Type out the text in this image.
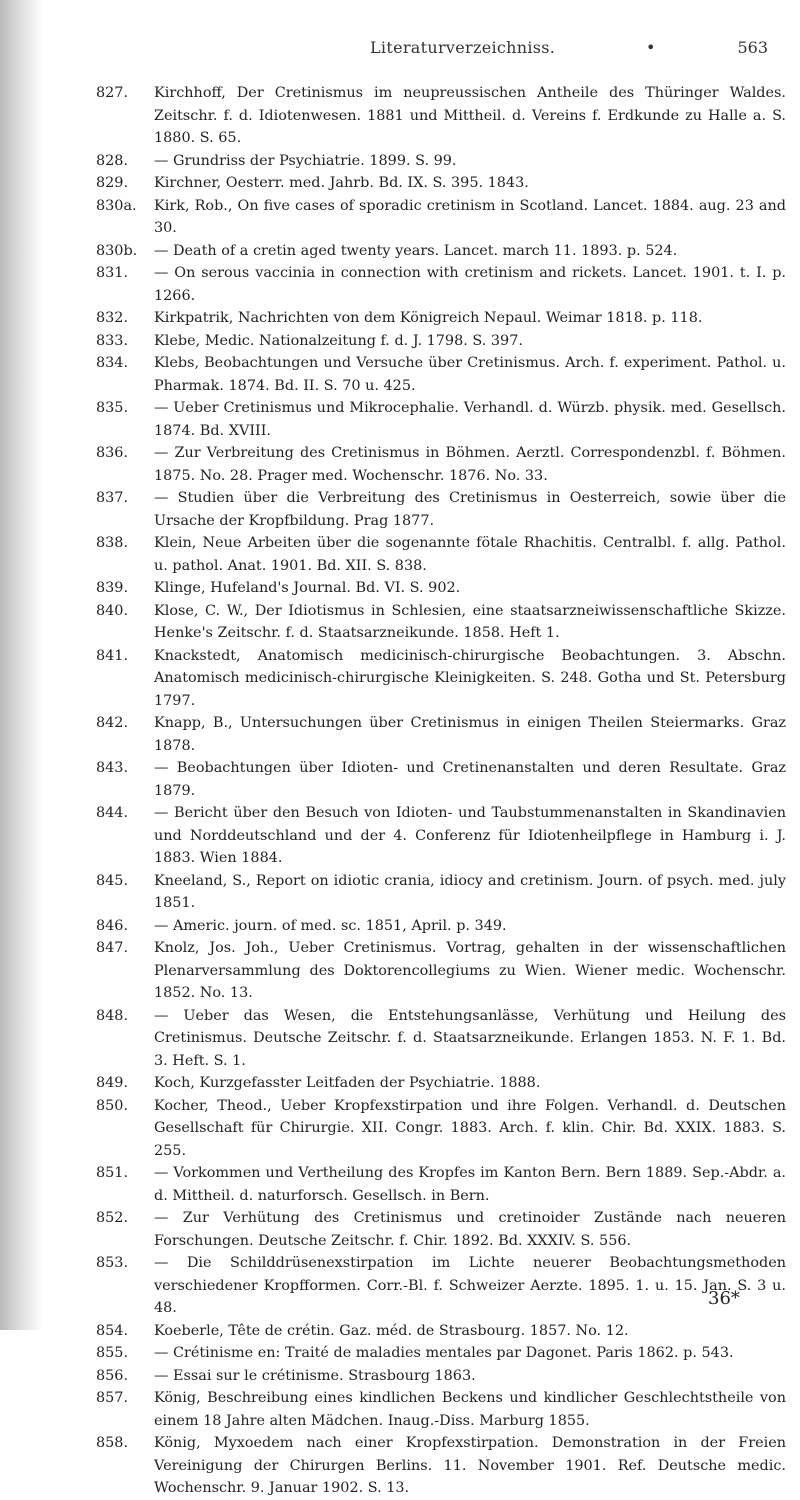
Literaturverzeichniss.	•	563
827.	Kirchhoff, Der Cretinismus im neupreussischen Antheile des Thüringer Waldes. Zeitschr. f. d. Idiotenwesen. 1881 und Mittheil. d. Vereins f. Erdkunde zu Halle a. S. 1880. S. 65.
828.	— Grundriss der Psychiatrie. 1899. S. 99.
829.	Kirchner, Oesterr. med. Jahrb. Bd. IX. S. 395. 1843.
830a.	Kirk, Rob., On five cases of sporadic cretinism in Scotland. Lancet. 1884. aug. 23 and 30.
830b.	— Death of a cretin aged twenty years. Lancet. march 11. 1893. p. 524.
831.	— On serous vaccinia in connection with cretinism and rickets. Lancet. 1901. t. I. p. 1266.
832.	Kirkpatrik, Nachrichten von dem Königreich Nepaul. Weimar 1818. p. 118.
833.	Klebe, Medic. Nationalzeitung f. d. J. 1798. S. 397.
834.	Klebs, Beobachtungen und Versuche über Cretinismus. Arch. f. experiment. Pathol. u. Pharmak. 1874. Bd. II. S. 70 u. 425.
835.	— Ueber Cretinismus und Mikrocephalie. Verhandl. d. Würzb. physik. med. Gesellsch. 1874. Bd. XVIII.
836.	— Zur Verbreitung des Cretinismus in Böhmen. Aerztl. Correspondenzbl. f. Böhmen. 1875. No. 28. Prager med. Wochenschr. 1876. No. 33.
837.	— Studien über die Verbreitung des Cretinismus in Oesterreich, sowie über die Ursache der Kropfbildung. Prag 1877.
838.	Klein, Neue Arbeiten über die sogenannte fötale Rhachitis. Centralbl. f. allg. Pathol. u. pathol. Anat. 1901. Bd. XII. S. 838.
839.	Klinge, Hufeland's Journal. Bd. VI. S. 902.
840.	Klose, C. W., Der Idiotismus in Schlesien, eine staatsarzneiwissenschaftliche Skizze. Henke's Zeitschr. f. d. Staatsarzneikunde. 1858. Heft 1.
841.	Knackstedt, Anatomisch medicinisch-chirurgische Beobachtungen. 3. Abschn. Anatomisch medicinisch-chirurgische Kleinigkeiten. S. 248. Gotha und St. Petersburg 1797.
842.	Knapp, B., Untersuchungen über Cretinismus in einigen Theilen Steiermarks. Graz 1878.
843.	— Beobachtungen über Idioten- und Cretinenanstalten und deren Resultate. Graz 1879.
844.	— Bericht über den Besuch von Idioten- und Taubstummenanstalten in Skandinavien und Norddeutschland und der 4. Conferenz für Idiotenheilpflege in Hamburg i. J. 1883. Wien 1884.
845.	Kneeland, S., Report on idiotic crania, idiocy and cretinism. Journ. of psych. med. july 1851.
846.	— Americ. journ. of med. sc. 1851, April. p. 349.
847.	Knolz, Jos. Joh., Ueber Cretinismus. Vortrag, gehalten in der wissenschaftlichen Plenarversammlung des Doktorencollegiums zu Wien. Wiener medic. Wochenschr. 1852. No. 13.
848.	— Ueber das Wesen, die Entstehungsanlässe, Verhütung und Heilung des Cretinismus. Deutsche Zeitschr. f. d. Staatsarzneikunde. Erlangen 1853. N. F. 1. Bd. 3. Heft. S. 1.
849.	Koch, Kurzgefasster Leitfaden der Psychiatrie. 1888.
850.	Kocher, Theod., Ueber Kropfexstirpation und ihre Folgen. Verhandl. d. Deutschen Gesellschaft für Chirurgie. XII. Congr. 1883. Arch. f. klin. Chir. Bd. XXIX. 1883. S. 255.
851.	— Vorkommen und Vertheilung des Kropfes im Kanton Bern. Bern 1889. Sep.-Abdr. a. d. Mittheil. d. naturforsch. Gesellsch. in Bern.
852.	— Zur Verhütung des Cretinismus und cretinoider Zustände nach neueren Forschungen. Deutsche Zeitschr. f. Chir. 1892. Bd. XXXIV. S. 556.
853.	— Die Schilddrüsenexstirpation im Lichte neuerer Beobachtungsmethoden verschiedener Kropfformen. Corr.-Bl. f. Schweizer Aerzte. 1895. 1. u. 15. Jan. S. 3 u. 48.
854.	Koeberle, Tête de crétin. Gaz. méd. de Strasbourg. 1857. No. 12.
855.	— Crétinisme en: Traité de maladies mentales par Dagonet. Paris 1862. p. 543.
856.	— Essai sur le crétinisme. Strasbourg 1863.
857.	König, Beschreibung eines kindlichen Beckens und kindlicher Geschlechtstheile von einem 18 Jahre alten Mädchen. Inaug.-Diss. Marburg 1855.
858.	König, Myxoedem nach einer Kropfexstirpation. Demonstration in der Freien Vereinigung der Chirurgen Berlins. 11. November 1901. Ref. Deutsche medic. Wochenschr. 9. Januar 1902. S. 13.
36*
